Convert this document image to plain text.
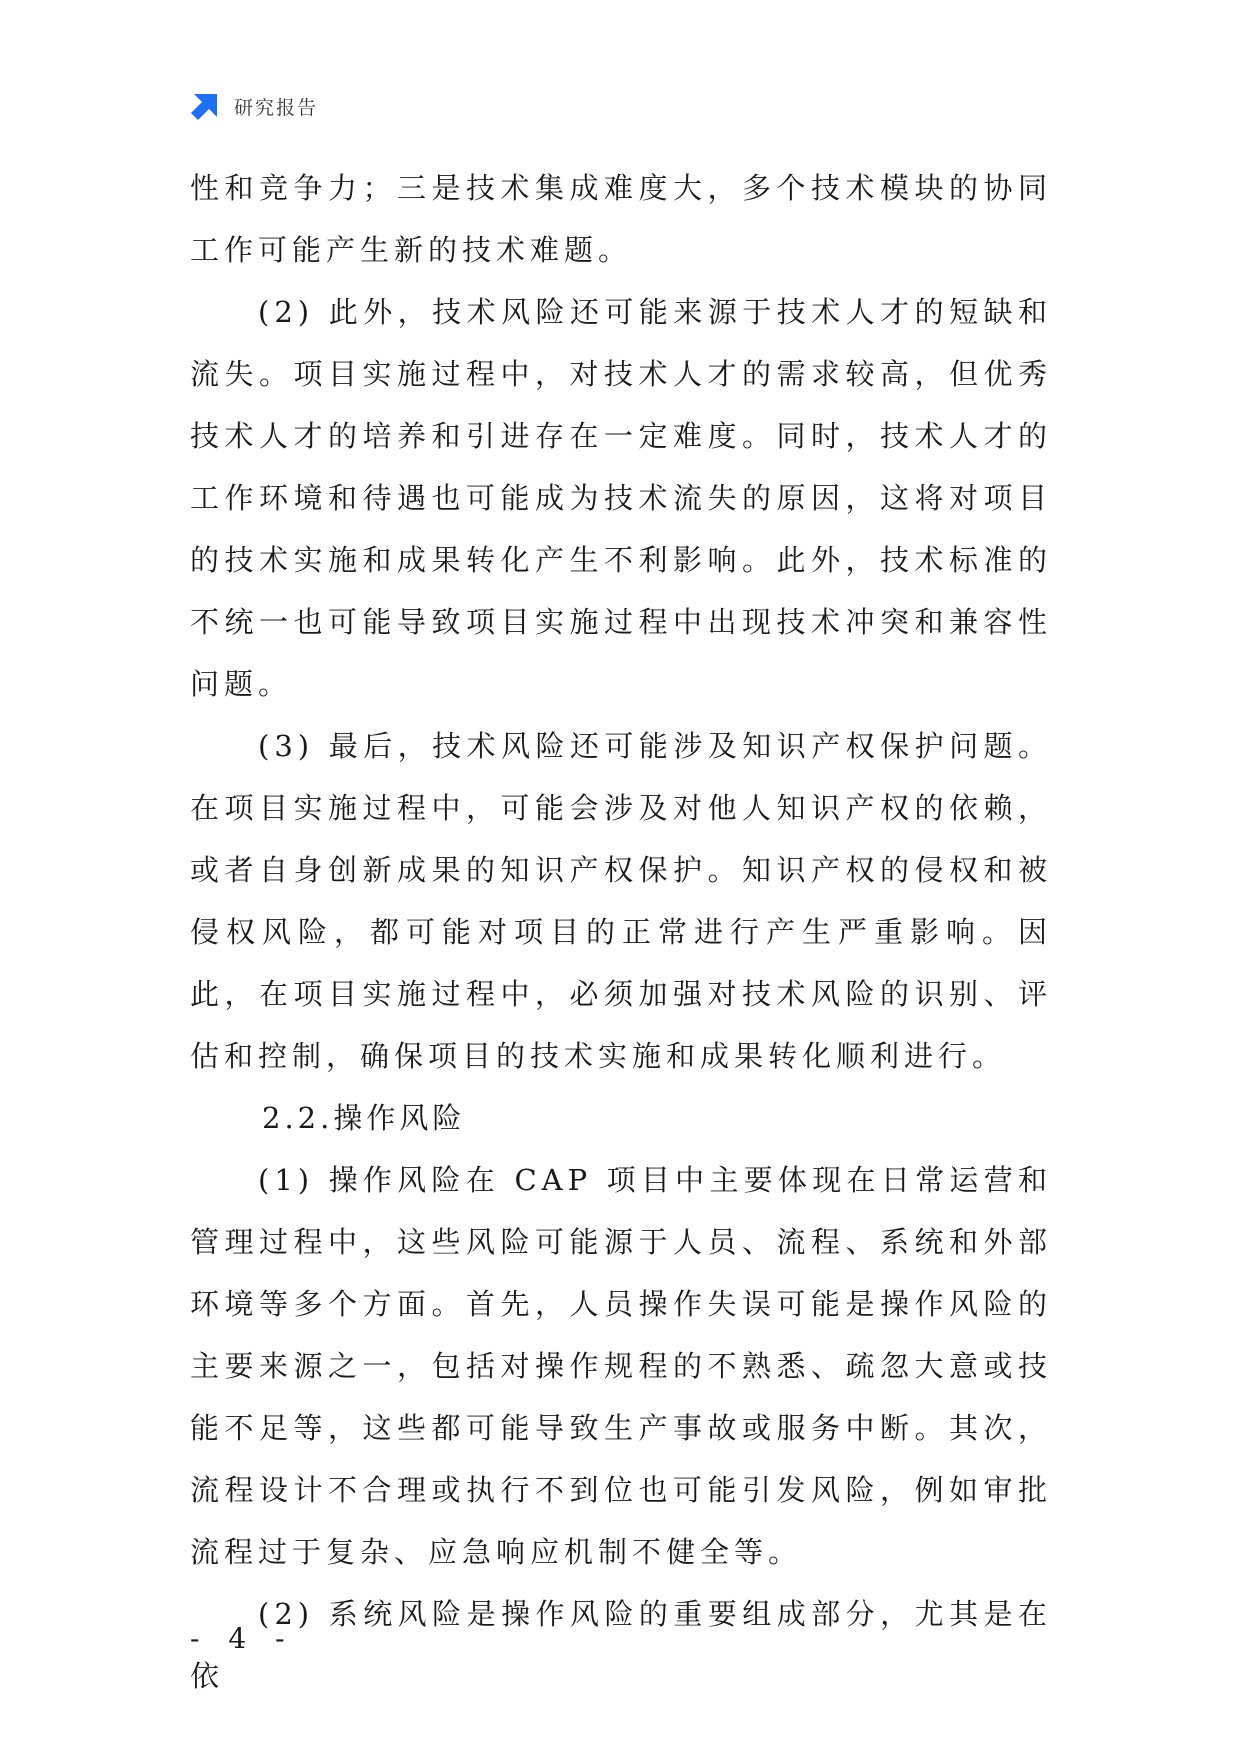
研究报告

性和竞争力；三是技术集成难度大，多个技术模块的协同工作可能产生新的技术难题。

(2) 此外，技术风险还可能来源于技术人才的短缺和流失。项目实施过程中，对技术人才的需求较高，但优秀技术人才的培养和引进存在一定难度。同时，技术人才的工作环境和待遇也可能成为技术流失的原因，这将对项目的技术实施和成果转化产生不利影响。此外，技术标准的不统一也可能导致项目实施过程中出现技术冲突和兼容性问题。

(3) 最后，技术风险还可能涉及知识产权保护问题。在项目实施过程中，可能会涉及对他人知识产权的依赖，或者自身创新成果的知识产权保护。知识产权的侵权和被侵权风险，都可能对项目的正常进行产生严重影响。因此，在项目实施过程中，必须加强对技术风险的识别、评估和控制，确保项目的技术实施和成果转化顺利进行。

2.2.操作风险

(1) 操作风险在 CAP 项目中主要体现在日常运营和管理过程中，这些风险可能源于人员、流程、系统和外部环境等多个方面。首先，人员操作失误可能是操作风险的主要来源之一，包括对操作规程的不熟悉、疏忽大意或技能不足等，这些都可能导致生产事故或服务中断。其次，流程设计不合理或执行不到位也可能引发风险，例如审批流程过于复杂、应急响应机制不健全等。

(2) 系统风险是操作风险的重要组成部分，尤其是在依

- 4 -
